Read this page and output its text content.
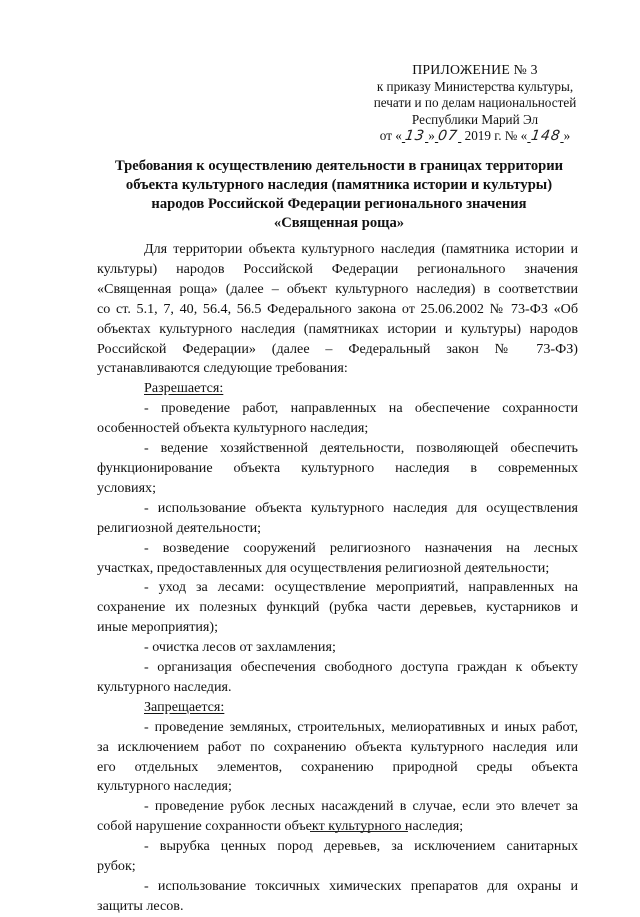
ПРИЛОЖЕНИЕ № 3
к приказу Министерства культуры,
печати и по делам национальностей
Республики Марий Эл
от « 13 » 07 2019 г. № « 148 »
Требования к осуществлению деятельности в границах территории
объекта культурного наследия (памятника истории и культуры)
народов Российской Федерации регионального значения
«Священная роща»
Для территории объекта культурного наследия (памятника истории и
культуры) народов Российской Федерации регионального значения
«Священная роща» (далее – объект культурного наследия) в соответствии
со ст. 5.1, 7, 40, 56.4, 56.5 Федерального закона от 25.06.2002 № 73-ФЗ «Об
объектах культурного наследия (памятниках истории и культуры) народов
Российской Федерации» (далее – Федеральный закон № 73-ФЗ)
устанавливаются следующие требования:
Разрешается:
- проведение работ, направленных на обеспечение сохранности
особенностей объекта культурного наследия;
- ведение хозяйственной деятельности, позволяющей обеспечить
функционирование объекта культурного наследия в современных
условиях;
- использование объекта культурного наследия для осуществления
религиозной деятельности;
- возведение сооружений религиозного назначения на лесных
участках, предоставленных для осуществления религиозной деятельности;
- уход за лесами: осуществление мероприятий, направленных на
сохранение их полезных функций (рубка части деревьев, кустарников и
иные мероприятия);
- очистка лесов от захламления;
- организация обеспечения свободного доступа граждан к объекту
культурного наследия.
Запрещается:
- проведение земляных, строительных, мелиоративных и иных работ,
за исключением работ по сохранению объекта культурного наследия или
его отдельных элементов, сохранению природной среды объекта
культурного наследия;
- проведение рубок лесных насаждений в случае, если это влечет за
собой нарушение сохранности объект культурного наследия;
- вырубка ценных пород деревьев, за исключением санитарных
рубок;
- использование токсичных химических препаратов для охраны и
защиты лесов.
